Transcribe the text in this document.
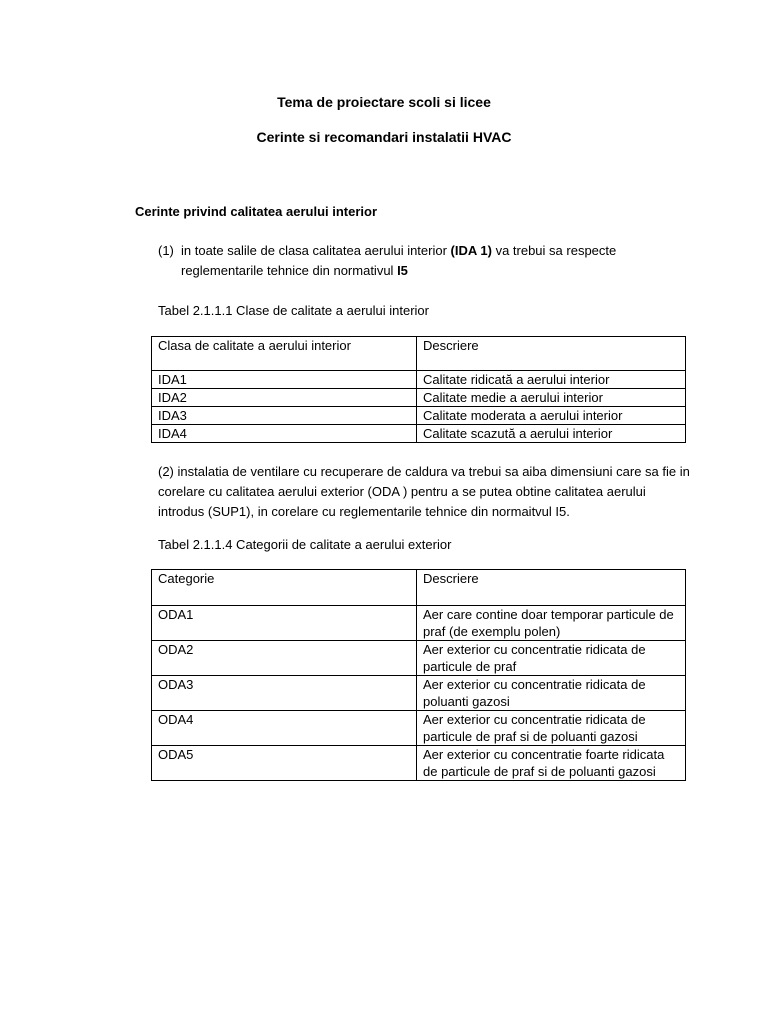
Tema de proiectare scoli si licee
Cerinte si recomandari instalatii HVAC
Cerinte privind calitatea aerului interior
(1) in toate salile de clasa calitatea aerului interior (IDA 1) va trebui sa respecte
reglementarile tehnice din normativul I5
Tabel 2.1.1.1 Clase de calitate a aerului interior
Clasa de calitate a aerului interior	Descriere
IDA1	Calitate ridicată a aerului interior
IDA2	Calitate medie a aerului interior
IDA3	Calitate moderata a aerului interior
IDA4	Calitate scazută a aerului interior
(2) instalatia de ventilare cu recuperare de caldura va trebui sa aiba dimensiuni care sa fie in
corelare cu calitatea aerului exterior (ODA ) pentru a se putea obtine calitatea aerului
introdus (SUP1), in corelare cu reglementarile tehnice din normaitvul I5.
Tabel 2.1.1.4 Categorii de calitate a aerului exterior
Categorie	Descriere
ODA1	Aer care contine doar temporar particule de praf (de exemplu polen)
ODA2	Aer exterior cu concentratie ridicata de particule de praf
ODA3	Aer exterior cu concentratie ridicata de poluanti gazosi
ODA4	Aer exterior cu concentratie ridicata de particule de praf si de poluanti gazosi
ODA5	Aer exterior cu concentratie foarte ridicata de particule de praf si de poluanti gazosi
